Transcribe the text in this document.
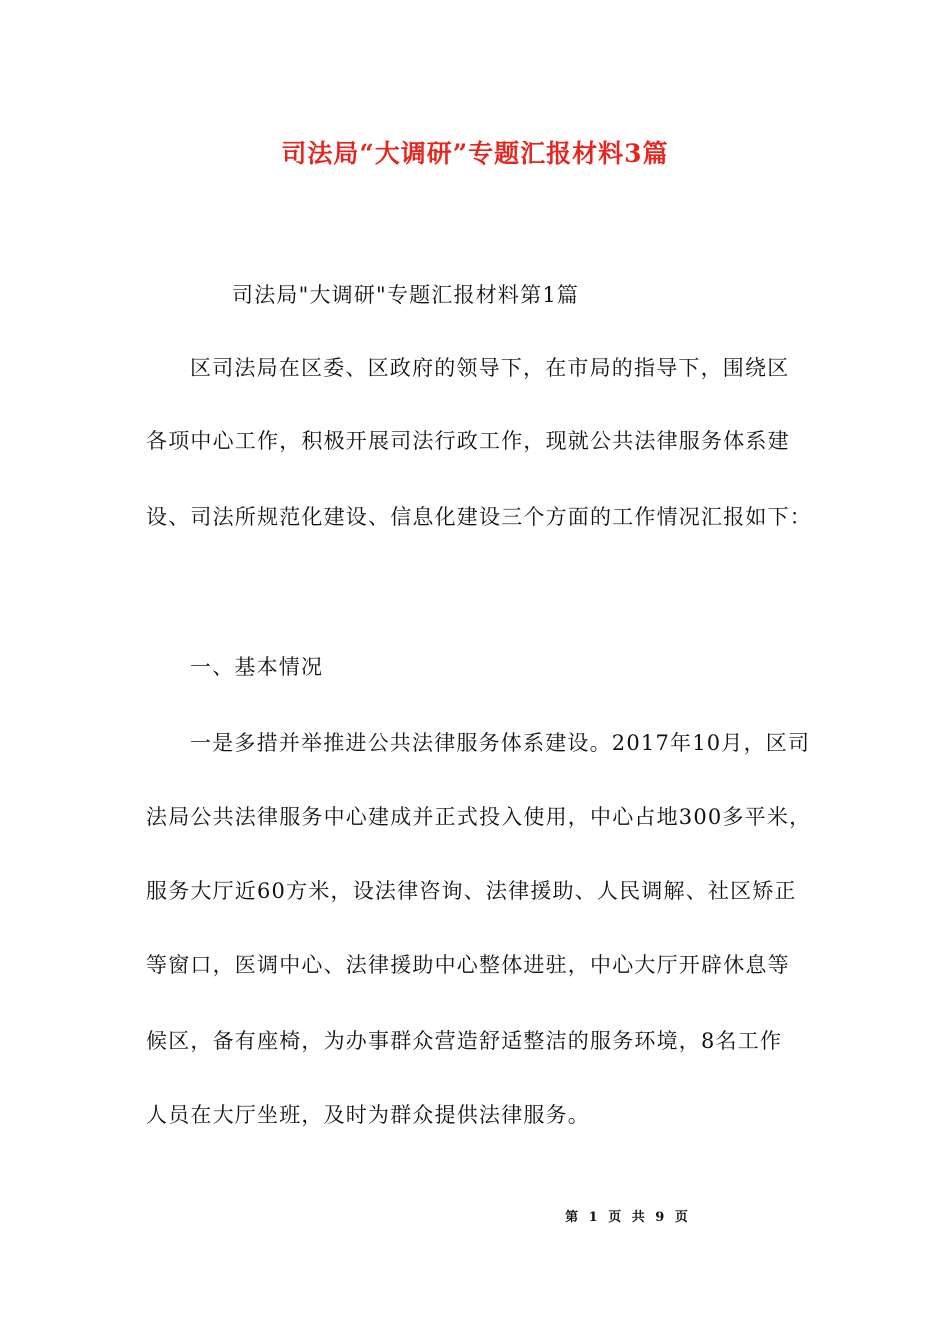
司法局“大调研”专题汇报材料3篇
司法局"大调研"专题汇报材料第1篇
区司法局在区委、区政府的领导下，在市局的指导下，围绕区
各项中心工作，积极开展司法行政工作，现就公共法律服务体系建
设、司法所规范化建设、信息化建设三个方面的工作情况汇报如下：
一、基本情况
一是多措并举推进公共法律服务体系建设。2017年10月，区司
法局公共法律服务中心建成并正式投入使用，中心占地300多平米，
服务大厅近60方米，设法律咨询、法律援助、人民调解、社区矫正
等窗口，医调中心、法律援助中心整体进驻，中心大厅开辟休息等
候区，备有座椅，为办事群众营造舒适整洁的服务环境，8名工作
人员在大厅坐班，及时为群众提供法律服务。
第 1 页 共 9 页
